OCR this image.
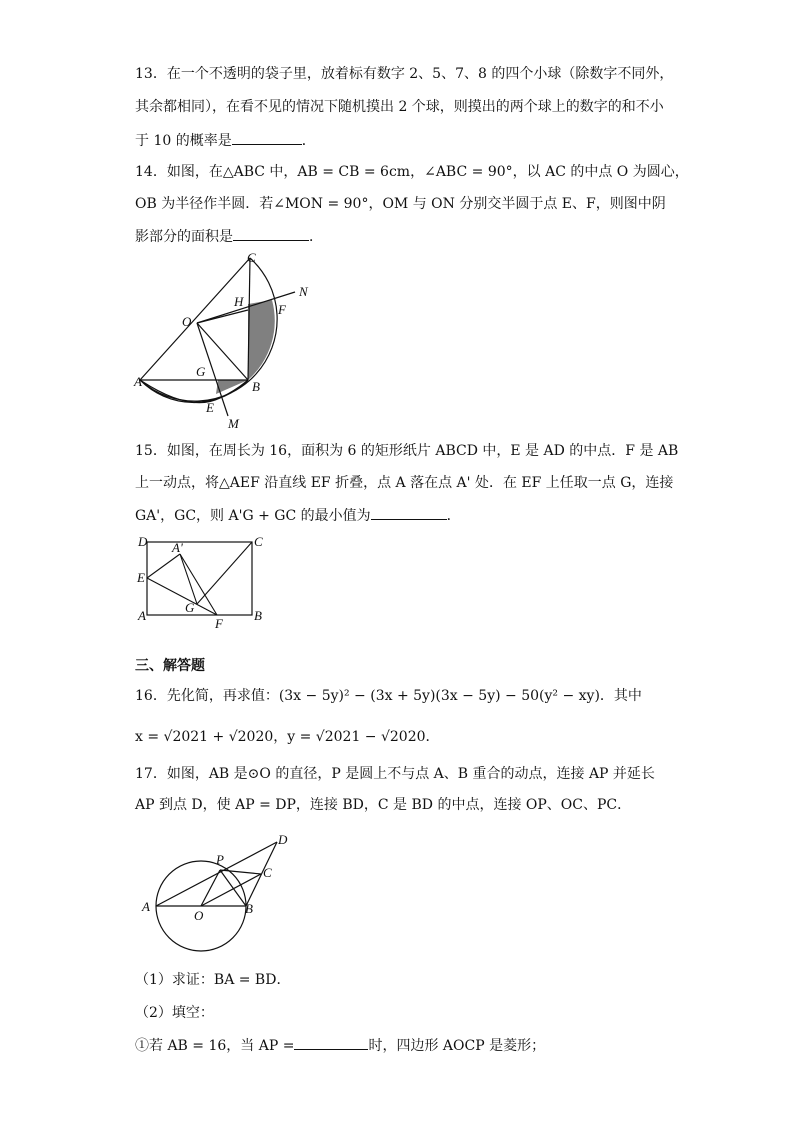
13．在一个不透明的袋子里，放着标有数字 2、5、7、8 的四个小球（除数字不同外，
其余都相同），在看不见的情况下随机摸出 2 个球，则摸出的两个球上的数字的和不小
于 10 的概率是	．
14．如图，在△ABC 中，AB = CB = 6cm，∠ABC = 90°，以 AC 的中点 O 为圆心，
OB 为半径作半圆．若∠MON = 90°，OM 与 ON 分别交半圆于点 E、F，则图中阴
影部分的面积是	．
C
N
H
F
O
A
G
B
E
M
15．如图，在周长为 16，面积为 6 的矩形纸片 ABCD 中，E 是 AD 的中点．F 是 AB
上一动点，将△AEF 沿直线 EF 折叠，点 A 落在点 A' 处．在 EF 上任取一点 G，连接
GA'，GC，则 A'G + GC 的最小值为	．
D A'	C
E
G
A
F
B
三、解答题
16．先化简，再求值：(3x − 5y)² − (3x + 5y)(3x − 5y) − 50(y² − xy)．其中
x = √2021 + √2020，y = √2021 − √2020．
17．如图，AB 是⊙O 的直径，P 是圆上不与点 A、B 重合的动点，连接 AP 并延长
AP 到点 D，使 AP = DP，连接 BD，C 是 BD 的中点，连接 OP、OC、PC．
D
P
C
A
O	B
（1）求证：BA = BD．
（2）填空：
①若 AB = 16，当 AP =	时，四边形 AOCP 是菱形；
